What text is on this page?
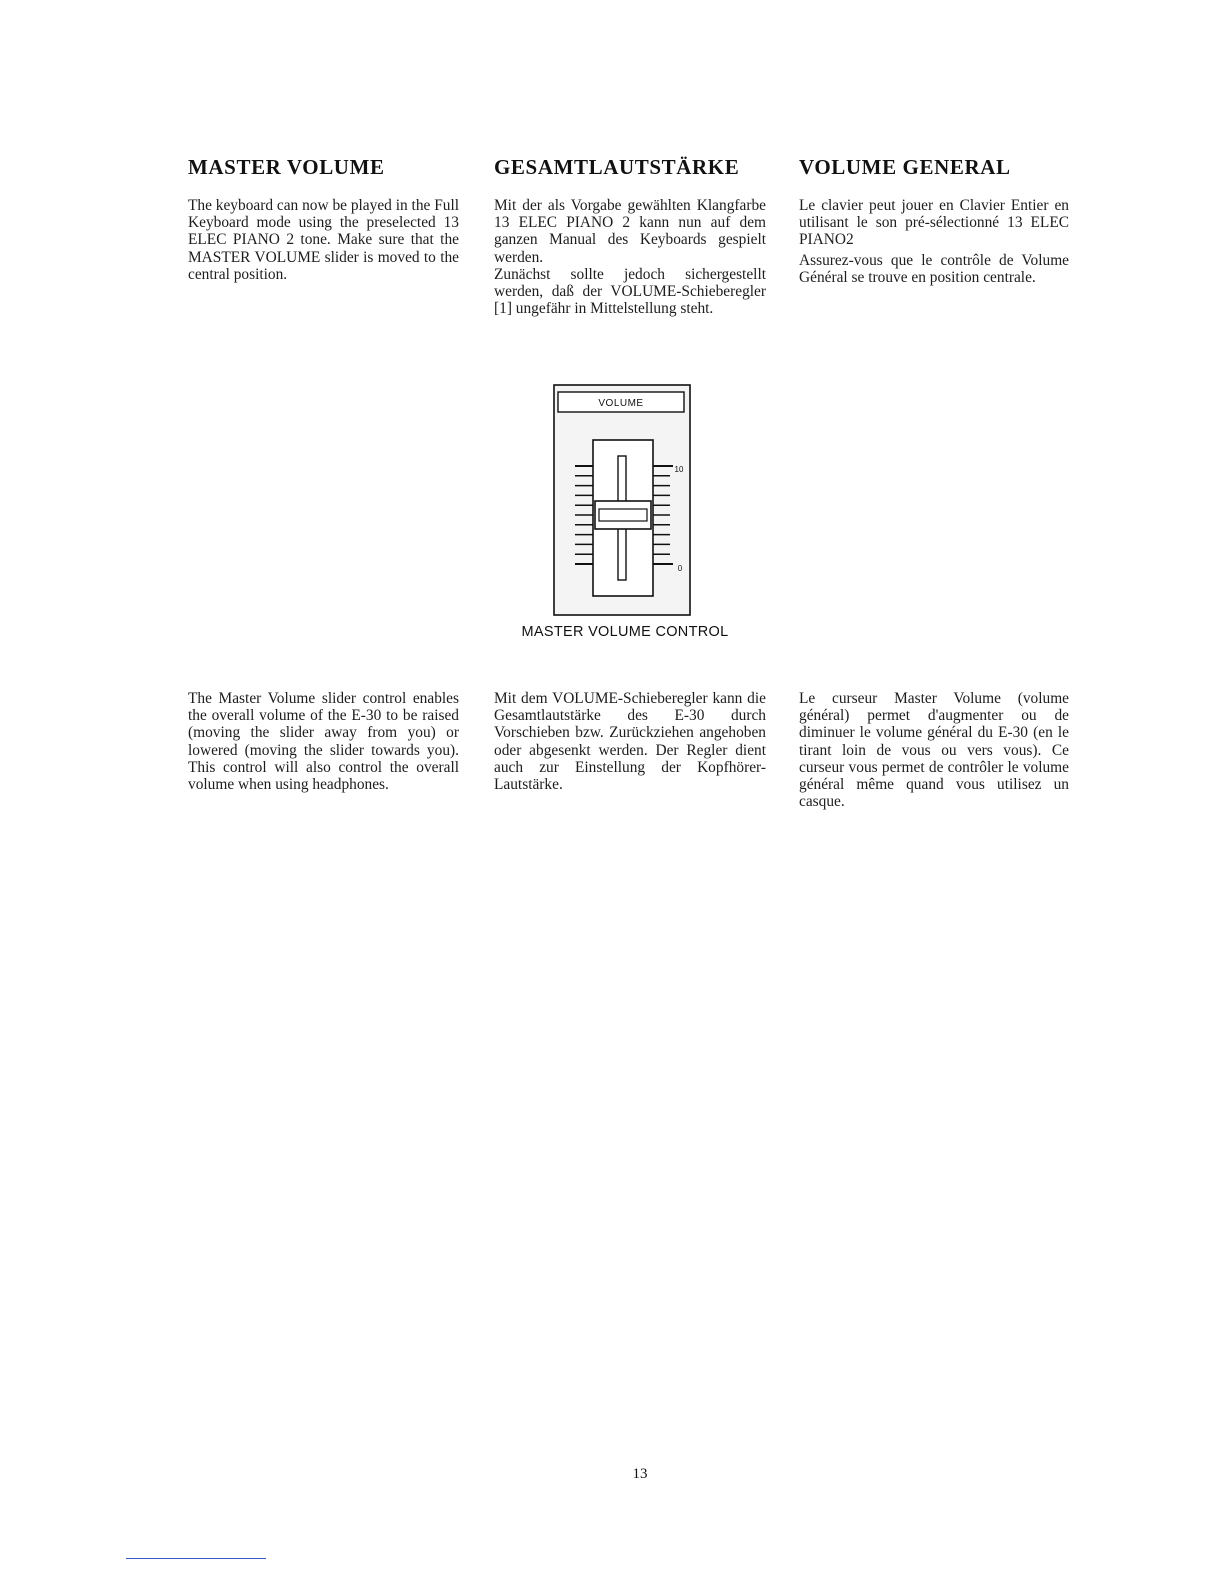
MASTER VOLUME

The keyboard can now be played in the Full Keyboard mode using the preselected 13 ELEC PIANO 2 tone. Make sure that the MASTER VOLUME slider is moved to the central position.

The Master Volume slider control enables the overall volume of the E-30 to be raised (moving the slider away from you) or lowered (moving the slider towards you). This control will also control the overall volume when using headphones.

GESAMTLAUTSTÄRKE

Mit der als Vorgabe gewählten Klangfarbe 13 ELEC PIANO 2 kann nun auf dem ganzen Manual des Keyboards gespielt werden.

Zunächst sollte jedoch sichergestellt werden, daß der VOLUME-Schieberegler [1] ungefähr in Mittelstellung steht.

Mit dem VOLUME-Schieberegler kann die Gesamtlautstärke des E-30 durch Vorschieben bzw. Zurückziehen angehoben oder abgesenkt werden. Der Regler dient auch zur Einstellung der Kopfhörer-Lautstärke.

VOLUME GENERAL

Le clavier peut jouer en Clavier Entier en utilisant le son pré-sélectionné 13 ELEC PIANO2

Assurez-vous que le contrôle de Volume Général se trouve en position centrale.

Le curseur Master Volume (volume général) permet d'augmenter ou de diminuer le volume général du E-30 (en le tirant loin de vous ou vers vous). Ce curseur vous permet de contrôler le volume général même quand vous utilisez un casque.

VOLUME
10
0
MASTER VOLUME CONTROL
13
